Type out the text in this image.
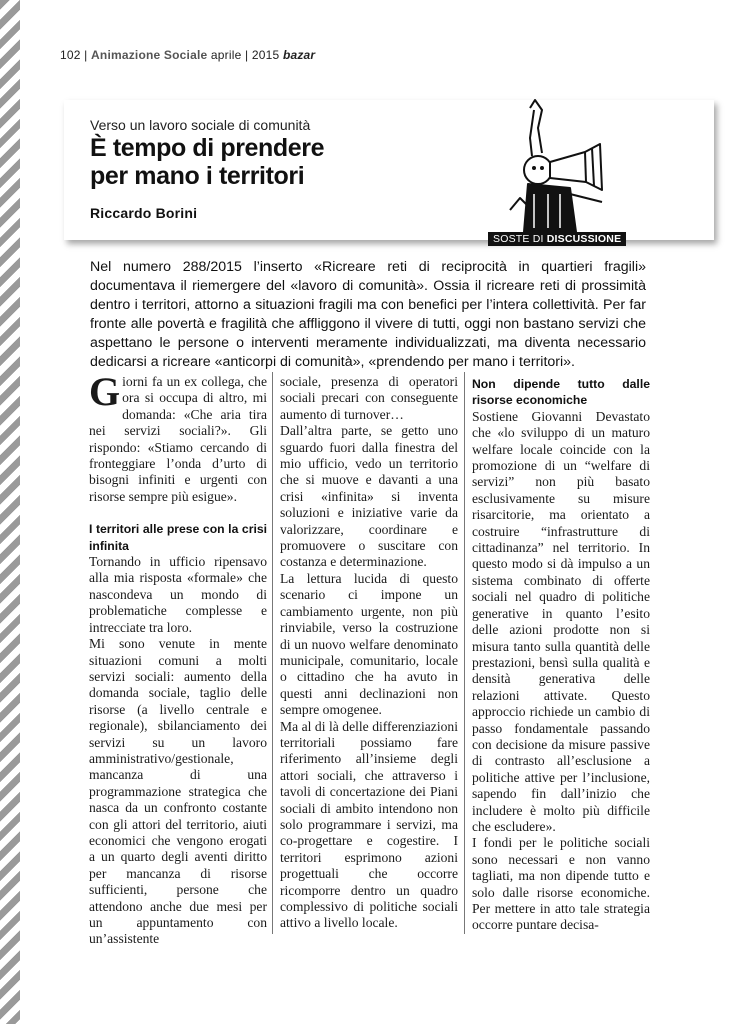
102 | Animazione Sociale aprile | 2015 bazar
Verso un lavoro sociale di comunità
È tempo di prendere
per mano i territori
Riccardo Borini
SOSTE DI DISCUSSIONE
Nel numero 288/2015 l’inserto «Ricreare reti di reciprocità in quartieri fragili» documentava il riemergere del «lavoro di comunità». Ossia il ricreare reti di prossimità dentro i territori, attorno a situazioni fragili ma con benefici per l’intera collettività. Per far fronte alle povertà e fragilità che affliggono il vivere di tutti, oggi non bastano servizi che aspettano le persone o interventi meramente individualizzati, ma diventa necessario dedicarsi a ricreare «anticorpi di comunità», «prendendo per mano i territori».

Giorni fa un ex collega, che ora si occupa di altro, mi domanda: «Che aria tira nei servizi sociali?». Gli rispondo: «Stiamo cercando di fronteggiare l’onda d’urto di bisogni infiniti e urgenti con risorse sempre più esigue».

I territori alle prese con la crisi infinita

Tornando in ufficio ripensavo alla mia risposta «formale» che nascondeva un mondo di problematiche complesse e intrecciate tra loro.

Mi sono venute in mente situazioni comuni a molti servizi sociali: aumento della domanda sociale, taglio delle risorse (a livello centrale e regionale), sbilanciamento dei servizi su un lavoro amministrativo/gestionale, mancanza di una programmazione strategica che nasca da un confronto costante con gli attori del territorio, aiuti economici che vengono erogati a un quarto degli aventi diritto per mancanza di risorse sufficienti, persone che attendono anche due mesi per un appuntamento con un’assistente

sociale, presenza di operatori sociali precari con conseguente aumento di turnover…

Dall’altra parte, se getto uno sguardo fuori dalla finestra del mio ufficio, vedo un territorio che si muove e davanti a una crisi «infinita» si inventa soluzioni e iniziative varie da valorizzare, coordinare e promuovere o suscitare con costanza e determinazione.

La lettura lucida di questo scenario ci impone un cambiamento urgente, non più rinviabile, verso la costruzione di un nuovo welfare denominato municipale, comunitario, locale o cittadino che ha avuto in questi anni declinazioni non sempre omogenee.

Ma al di là delle differenziazioni territoriali possiamo fare riferimento all’insieme degli attori sociali, che attraverso i tavoli di concertazione dei Piani sociali di ambito intendono non solo programmare i servizi, ma co-progettare e cogestire. I territori esprimono azioni progettuali che occorre ricomporre dentro un quadro complessivo di politiche sociali attivo a livello locale.

Non dipende tutto dalle risorse economiche

Sostiene Giovanni Devastato che «lo sviluppo di un maturo welfare locale coincide con la promozione di un “welfare di servizi” non più basato esclusivamente su misure risarcitorie, ma orientato a costruire “infrastrutture di cittadinanza” nel territorio. In questo modo si dà impulso a un sistema combinato di offerte sociali nel quadro di politiche generative in quanto l’esito delle azioni prodotte non si misura tanto sulla quantità delle prestazioni, bensì sulla qualità e densità generativa delle relazioni attivate. Questo approccio richiede un cambio di passo fondamentale passando con decisione da misure passive di contrasto all’esclusione a politiche attive per l’inclusione, sapendo fin dall’inizio che includere è molto più difficile che escludere».

I fondi per le politiche sociali sono necessari e non vanno tagliati, ma non dipende tutto e solo dalle risorse economiche. Per mettere in atto tale strategia occorre puntare decisa-
